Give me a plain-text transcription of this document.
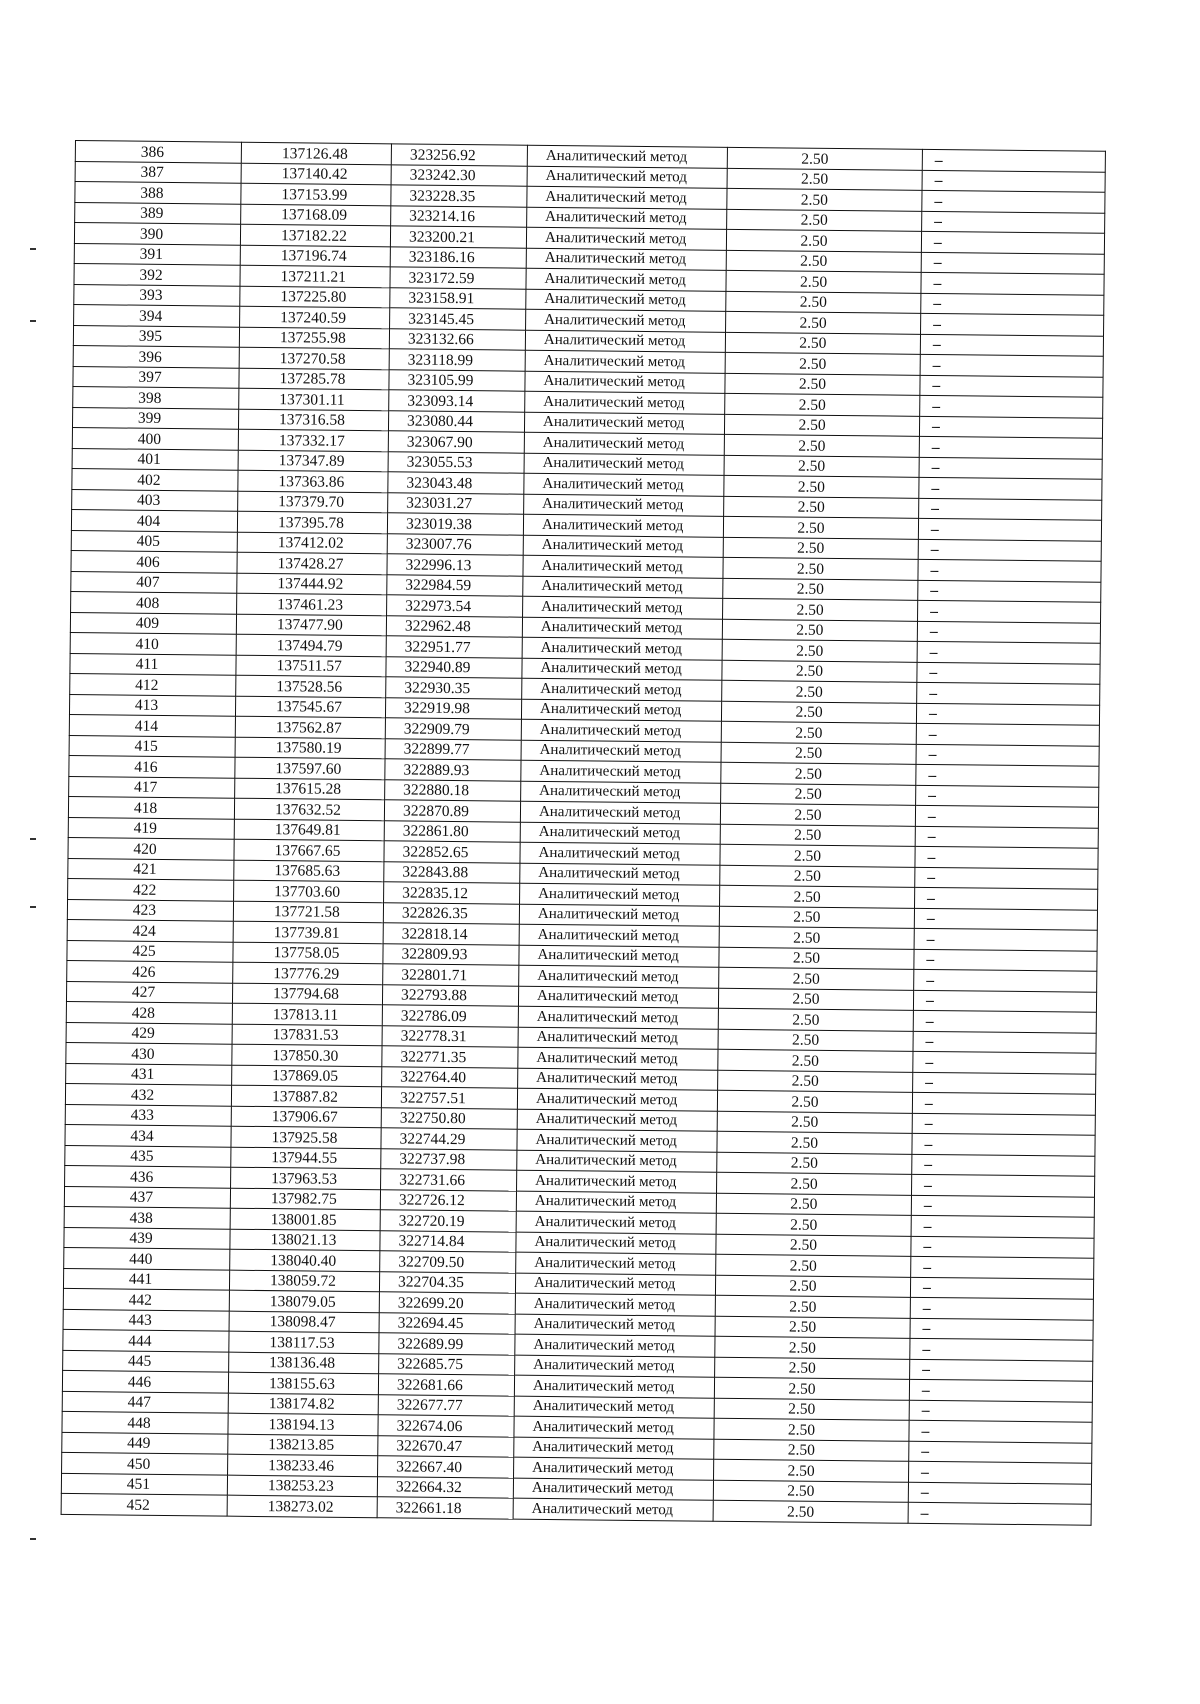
386	137126.48	323256.92	Аналитический метод	2.50	–
387	137140.42	323242.30	Аналитический метод	2.50	–
388	137153.99	323228.35	Аналитический метод	2.50	–
389	137168.09	323214.16	Аналитический метод	2.50	–
390	137182.22	323200.21	Аналитический метод	2.50	–
391	137196.74	323186.16	Аналитический метод	2.50	–
392	137211.21	323172.59	Аналитический метод	2.50	–
393	137225.80	323158.91	Аналитический метод	2.50	–
394	137240.59	323145.45	Аналитический метод	2.50	–
395	137255.98	323132.66	Аналитический метод	2.50	–
396	137270.58	323118.99	Аналитический метод	2.50	–
397	137285.78	323105.99	Аналитический метод	2.50	–
398	137301.11	323093.14	Аналитический метод	2.50	–
399	137316.58	323080.44	Аналитический метод	2.50	–
400	137332.17	323067.90	Аналитический метод	2.50	–
401	137347.89	323055.53	Аналитический метод	2.50	–
402	137363.86	323043.48	Аналитический метод	2.50	–
403	137379.70	323031.27	Аналитический метод	2.50	–
404	137395.78	323019.38	Аналитический метод	2.50	–
405	137412.02	323007.76	Аналитический метод	2.50	–
406	137428.27	322996.13	Аналитический метод	2.50	–
407	137444.92	322984.59	Аналитический метод	2.50	–
408	137461.23	322973.54	Аналитический метод	2.50	–
409	137477.90	322962.48	Аналитический метод	2.50	–
410	137494.79	322951.77	Аналитический метод	2.50	–
411	137511.57	322940.89	Аналитический метод	2.50	–
412	137528.56	322930.35	Аналитический метод	2.50	–
413	137545.67	322919.98	Аналитический метод	2.50	–
414	137562.87	322909.79	Аналитический метод	2.50	–
415	137580.19	322899.77	Аналитический метод	2.50	–
416	137597.60	322889.93	Аналитический метод	2.50	–
417	137615.28	322880.18	Аналитический метод	2.50	–
418	137632.52	322870.89	Аналитический метод	2.50	–
419	137649.81	322861.80	Аналитический метод	2.50	–
420	137667.65	322852.65	Аналитический метод	2.50	–
421	137685.63	322843.88	Аналитический метод	2.50	–
422	137703.60	322835.12	Аналитический метод	2.50	–
423	137721.58	322826.35	Аналитический метод	2.50	–
424	137739.81	322818.14	Аналитический метод	2.50	–
425	137758.05	322809.93	Аналитический метод	2.50	–
426	137776.29	322801.71	Аналитический метод	2.50	–
427	137794.68	322793.88	Аналитический метод	2.50	–
428	137813.11	322786.09	Аналитический метод	2.50	–
429	137831.53	322778.31	Аналитический метод	2.50	–
430	137850.30	322771.35	Аналитический метод	2.50	–
431	137869.05	322764.40	Аналитический метод	2.50	–
432	137887.82	322757.51	Аналитический метод	2.50	–
433	137906.67	322750.80	Аналитический метод	2.50	–
434	137925.58	322744.29	Аналитический метод	2.50	–
435	137944.55	322737.98	Аналитический метод	2.50	–
436	137963.53	322731.66	Аналитический метод	2.50	–
437	137982.75	322726.12	Аналитический метод	2.50	–
438	138001.85	322720.19	Аналитический метод	2.50	–
439	138021.13	322714.84	Аналитический метод	2.50	–
440	138040.40	322709.50	Аналитический метод	2.50	–
441	138059.72	322704.35	Аналитический метод	2.50	–
442	138079.05	322699.20	Аналитический метод	2.50	–
443	138098.47	322694.45	Аналитический метод	2.50	–
444	138117.53	322689.99	Аналитический метод	2.50	–
445	138136.48	322685.75	Аналитический метод	2.50	–
446	138155.63	322681.66	Аналитический метод	2.50	–
447	138174.82	322677.77	Аналитический метод	2.50	–
448	138194.13	322674.06	Аналитический метод	2.50	–
449	138213.85	322670.47	Аналитический метод	2.50	–
450	138233.46	322667.40	Аналитический метод	2.50	–
451	138253.23	322664.32	Аналитический метод	2.50	–
452	138273.02	322661.18	Аналитический метод	2.50	–
